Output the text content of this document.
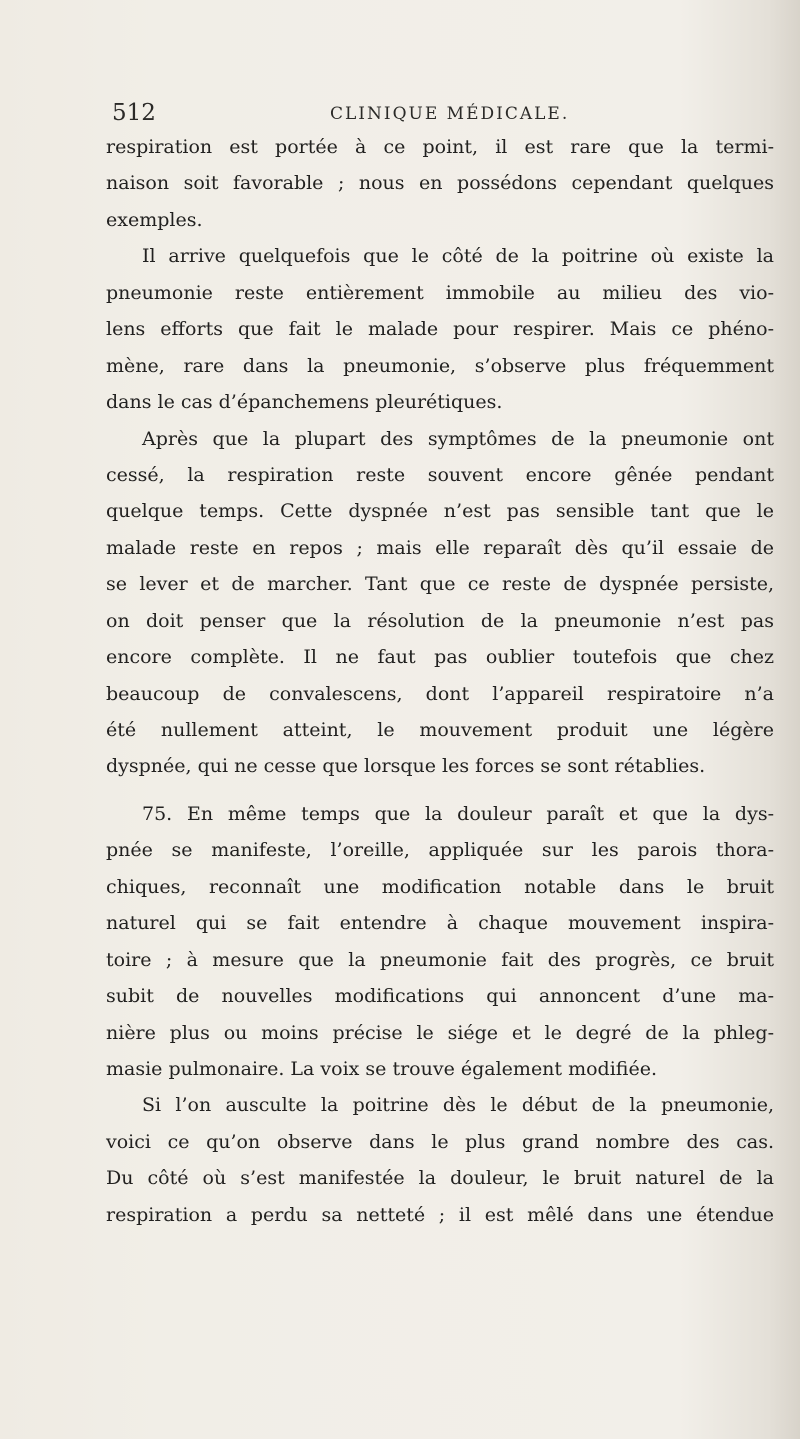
512	CLINIQUE MÉDICALE.
respiration est portée à ce point, il est rare que la termi-
naison soit favorable ; nous en possédons cependant quelques
exemples.
Il arrive quelquefois que le côté de la poitrine où existe la
pneumonie reste entièrement immobile au milieu des vio-
lens efforts que fait le malade pour respirer. Mais ce phéno-
mène, rare dans la pneumonie, s’observe plus fréquemment
dans le cas d’épanchemens pleurétiques.
Après que la plupart des symptômes de la pneumonie ont
cessé, la respiration reste souvent encore gênée pendant
quelque temps. Cette dyspnée n’est pas sensible tant que le
malade reste en repos ; mais elle reparaît dès qu’il essaie de
se lever et de marcher. Tant que ce reste de dyspnée persiste,
on doit penser que la résolution de la pneumonie n’est pas
encore complète. Il ne faut pas oublier toutefois que chez
beaucoup de convalescens, dont l’appareil respiratoire n’a
été nullement atteint, le mouvement produit une légère
dyspnée, qui ne cesse que lorsque les forces se sont rétablies.
75. En même temps que la douleur paraît et que la dys-
pnée se manifeste, l’oreille, appliquée sur les parois thora-
chiques, reconnaît une modification notable dans le bruit
naturel qui se fait entendre à chaque mouvement inspira-
toire ; à mesure que la pneumonie fait des progrès, ce bruit
subit de nouvelles modifications qui annoncent d’une ma-
nière plus ou moins précise le siége et le degré de la phleg-
masie pulmonaire. La voix se trouve également modifiée.
Si l’on ausculte la poitrine dès le début de la pneumonie,
voici ce qu’on observe dans le plus grand nombre des cas.
Du côté où s’est manifestée la douleur, le bruit naturel de la
respiration a perdu sa netteté ; il est mêlé dans une étendue
